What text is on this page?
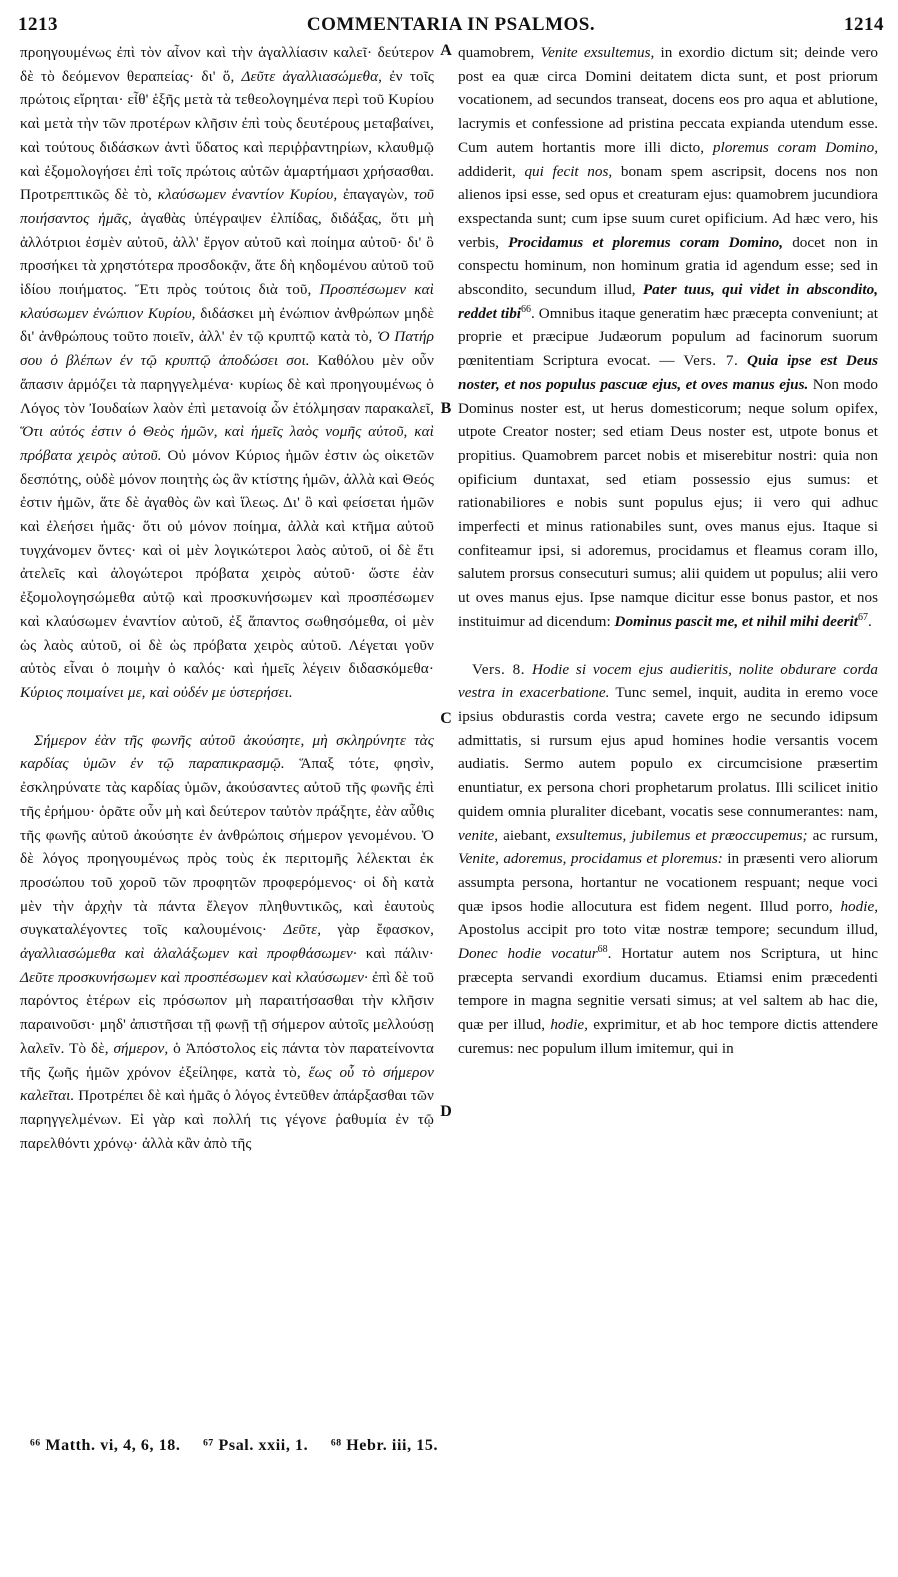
1213	COMMENTARIA IN PSALMOS.	1214

προηγουμένως ἐπὶ τὸν αἶνον καὶ τὴν ἀγαλλίασιν καλεῖ· δεύτερον δὲ τὸ δεόμενον θεραπείας· δι' ὅ, Δεῦτε ἀγαλλιασώμεθα, ἐν τοῖς πρώτοις εἴρηται· εἶθ' ἑξῆς μετὰ τὰ τεθεολογημένα περὶ τοῦ Κυρίου καὶ μετὰ τὴν τῶν προτέρων κλῆσιν ἐπὶ τοὺς δευτέρους μεταβαίνει, καὶ τούτους διδάσκων ἀντὶ ὕδατος καὶ περιῤῥαντηρίων, κλαυθμῷ καὶ ἐξομολογήσει ἐπὶ τοῖς πρώτοις αὐτῶν ἁμαρτήμασι χρήσασθαι. Προτρεπτικῶς δὲ τὸ, κλαύσωμεν ἐναντίον Κυρίου, ἐπαγαγὼν, τοῦ ποιήσαντος ἡμᾶς, ἀγαθὰς ὑπέγραψεν ἐλπίδας, διδάξας, ὅτι μὴ ἀλλότριοι ἐσμὲν αὐτοῦ, ἀλλ' ἔργον αὐτοῦ καὶ ποίημα αὐτοῦ· δι' ὃ προσήκει τὰ χρηστότερα προσδοκᾷν, ἅτε δὴ κηδομένου αὐτοῦ τοῦ ἰδίου ποιήματος. Ἔτι πρὸς τούτοις διὰ τοῦ, Προσπέσωμεν καὶ κλαύσωμεν ἐνώπιον Κυρίου, διδάσκει μὴ ἐνώπιον ἀνθρώπων μηδὲ δι' ἀνθρώπους τοῦτο ποιεῖν, ἀλλ' ἐν τῷ κρυπτῷ κατὰ τὸ, Ὁ Πατήρ σου ὁ βλέπων ἐν τῷ κρυπτῷ ἀποδώσει σοι. Καθόλου μὲν οὖν ἅπασιν ἁρμόζει τὰ παρηγγελμένα· κυρίως δὲ καὶ προηγουμένως ὁ Λόγος τὸν Ἰουδαίων λαὸν ἐπὶ μετανοίᾳ ὧν ἐτόλμησαν παρακαλεῖ, Ὅτι αὐτός ἐστιν ὁ Θεὸς ἡμῶν, καὶ ἡμεῖς λαὸς νομῆς αὐτοῦ, καὶ πρόβατα χειρὸς αὐτοῦ. Οὐ μόνον Κύριος ἡμῶν ἐστιν ὡς οἰκετῶν δεσπότης, οὐδὲ μόνον ποιητὴς ὡς ἂν κτίστης ἡμῶν, ἀλλὰ καὶ Θεός ἐστιν ἡμῶν, ἅτε δὲ ἀγαθὸς ὢν καὶ ἵλεως. Δι' ὃ καὶ φείσεται ἡμῶν καὶ ἐλεήσει ἡμᾶς· ὅτι οὐ μόνον ποίημα, ἀλλὰ καὶ κτῆμα αὐτοῦ τυγχάνομεν ὄντες· καὶ οἱ μὲν λογικώτεροι λαὸς αὐτοῦ, οἱ δὲ ἔτι ἀτελεῖς καὶ ἀλογώτεροι πρόβατα χειρὸς αὐτοῦ· ὥστε ἐὰν ἐξομολογησώμεθα αὐτῷ καὶ προσκυνήσωμεν καὶ προσπέσωμεν καὶ κλαύσωμεν ἐναντίον αὐτοῦ, ἐξ ἅπαντος σωθησόμεθα, οἱ μὲν ὡς λαὸς αὐτοῦ, οἱ δὲ ὡς πρόβατα χειρὸς αὐτοῦ. Λέγεται γοῦν αὐτὸς εἶναι ὁ ποιμὴν ὁ καλός· καὶ ἡμεῖς λέγειν διδασκόμεθα· Κύριος ποιμαίνει με, καὶ οὐδέν με ὑστερήσει.

Σήμερον ἐὰν τῆς φωνῆς αὐτοῦ ἀκούσητε, μὴ σκληρύνητε τὰς καρδίας ὑμῶν ἐν τῷ παραπικρασμῷ. Ἅπαξ τότε, φησὶν, ἐσκληρύνατε τὰς καρδίας ὑμῶν, ἀκούσαντες αὐτοῦ τῆς φωνῆς ἐπὶ τῆς ἐρήμου· ὁρᾶτε οὖν μὴ καὶ δεύτερον ταὐτὸν πράξητε, ἐὰν αὖθις τῆς φωνῆς αὐτοῦ ἀκούσητε ἐν ἀνθρώποις σήμερον γενομένου. Ὁ δὲ λόγος προηγουμένως πρὸς τοὺς ἐκ περιτομῆς λέλεκται ἐκ προσώπου τοῦ χοροῦ τῶν προφητῶν προφερόμενος· οἱ δὴ κατὰ μὲν τὴν ἀρχὴν τὰ πάντα ἔλεγον πληθυντικῶς, καὶ ἑαυτοὺς συγκαταλέγοντες τοῖς καλουμένοις· Δεῦτε, γὰρ ἔφασκον, ἀγαλλιασώμεθα καὶ ἀλαλάξωμεν καὶ προφθάσωμεν· καὶ πάλιν· Δεῦτε προσκυνήσωμεν καὶ προσπέσωμεν καὶ κλαύσωμεν· ἐπὶ δὲ τοῦ παρόντος ἑτέρων εἰς πρόσωπον μὴ παραιτήσασθαι τὴν κλῆσιν παραινοῦσι· μηδ' ἀπιστῆσαι τῇ φωνῇ τῇ σήμερον αὐτοῖς μελλούσῃ λαλεῖν. Τὸ δὲ, σήμερον, ὁ Ἀπόστολος εἰς πάντα τὸν παρατείνοντα τῆς ζωῆς ἡμῶν χρόνον ἐξείληφε, κατὰ τὸ, ἕως οὗ τὸ σήμερον καλεῖται. Προτρέπει δὲ καὶ ἡμᾶς ὁ λόγος ἐντεῦθεν ἀπάρξασθαι τῶν παρηγγελμένων. Εἰ γὰρ καὶ πολλή τις γέγονε ῥαθυμία ἐν τῷ παρελθόντι χρόνῳ· ἀλλὰ κἂν ἀπὸ τῆς

A
B
C
D

quamobrem, Venite exsultemus, in exordio dictum sit; deinde vero post ea quæ circa Domini deitatem dicta sunt, et post priorum vocationem, ad secundos transeat, docens eos pro aqua et ablutione, lacrymis et confessione ad pristina peccata expianda utendum esse. Cum autem hortantis more illi dicto, ploremus coram Domino, addiderit, qui fecit nos, bonam spem ascripsit, docens nos non alienos ipsi esse, sed opus et creaturam ejus: quamobrem jucundiora exspectanda sunt; cum ipse suum curet opificium. Ad hæc vero, his verbis, Procidamus et ploremus coram Domino, docet non in conspectu hominum, non hominum gratia id agendum esse; sed in abscondito, secundum illud, Pater tuus, qui videt in abscondito, reddet tibi$^{66}$. Omnibus itaque generatim hæc præcepta conveniunt; at proprie et præcipue Judæorum populum ad facinorum suorum pœnitentiam Scriptura evocat. — Vers. 7. Quia ipse est Deus noster, et nos populus pascuæ ejus, et oves manus ejus. Non modo Dominus noster est, ut herus domesticorum; neque solum opifex, utpote Creator noster; sed etiam Deus noster est, utpote bonus et propitius. Quamobrem parcet nobis et miserebitur nostri: quia non opificium duntaxat, sed etiam possessio ejus sumus: et rationabiliores e nobis sunt populus ejus; ii vero qui adhuc imperfecti et minus rationabiles sunt, oves manus ejus. Itaque si confiteamur ipsi, si adoremus, procidamus et fleamus coram illo, salutem prorsus consecuturi sumus; alii quidem ut populus; alii vero ut oves manus ejus. Ipse namque dicitur esse bonus pastor, et nos instituimur ad dicendum: Dominus pascit me, et nihil mihi deerit$^{67}$.

Vers. 8. Hodie si vocem ejus audieritis, nolite obdurare corda vestra in exacerbatione. Tunc semel, inquit, audita in eremo voce ipsius obdurastis corda vestra; cavete ergo ne secundo idipsum admittatis, si rursum ejus apud homines hodie versantis vocem audiatis. Sermo autem populo ex circumcisione præsertim enuntiatur, ex persona chori prophetarum prolatus. Illi scilicet initio quidem omnia pluraliter dicebant, vocatis sese connumerantes: nam, venite, aiebant, exsultemus, jubilemus et præoccupemus; ac rursum, Venite, adoremus, procidamus et ploremus: in præsenti vero aliorum assumpta persona, hortantur ne vocationem respuant; neque voci quæ ipsos hodie allocutura est fidem negent. Illud porro, hodie, Apostolus accipit pro toto vitæ nostræ tempore; secundum illud, Donec hodie vocatur$^{68}$. Hortatur autem nos Scriptura, ut hinc præcepta servandi exordium ducamus. Etiamsi enim præcedenti tempore in magna segnitie versati simus; at vel saltem ab hac die, quæ per illud, hodie, exprimitur, et ab hoc tempore dictis attendere curemus: nec populum illum imitemur, qui in

⁶⁶ Matth. vi, 4, 6, 18. ⁶⁷ Psal. xxii, 1. ⁶⁸ Hebr. iii, 15.
